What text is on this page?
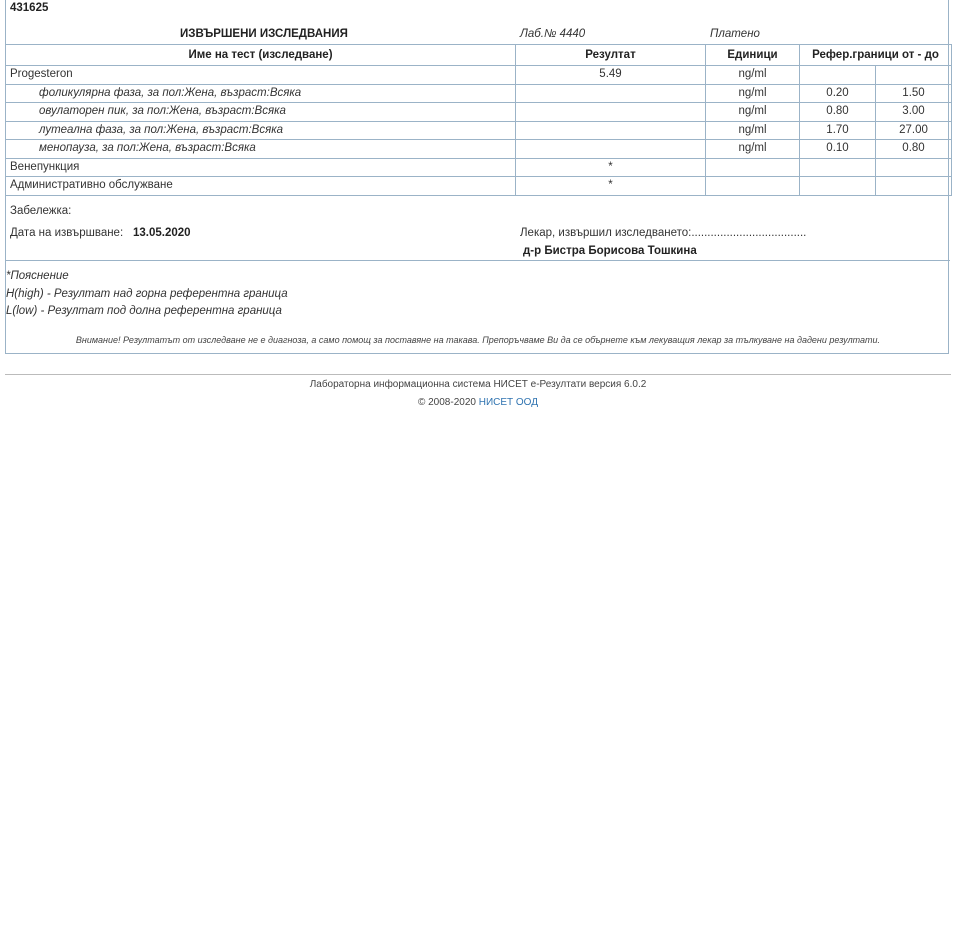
431625
ИЗВЪРШЕНИ ИЗСЛЕДВАНИЯ	Лаб.№ 4440	Платено
Име на тест (изследване)	Резултат	Единици	Рефер.граници от - до	
Progesteron	5.49	ng/ml		
фоликулярна фаза, за пол:Жена, възраст:Всяка		ng/ml	0.20	1.50
овулаторен пик, за пол:Жена, възраст:Всяка		ng/ml	0.80	3.00
лутеална фаза, за пол:Жена, възраст:Всяка		ng/ml	1.70	27.00
менопауза, за пол:Жена, възраст:Всяка		ng/ml	0.10	0.80
Венепункция	*			
Административно обслужване	*			
Забележка:
Дата на извършване: 13.05.2020	Лекар, извършил изследването:....................................
д-р Бистра Борисова Тошкина
*Пояснение
H(high) - Резултат над горна референтна граница
L(low) - Резултат под долна референтна граница
Внимание! Резултатът от изследване не е диагноза, а само помощ за поставяне на такава. Препоръчваме Ви да се обърнете към лекуващия лекар за тълкуване на дадени резултати.
Лабораторна информационна система НИСЕТ е-Резултати версия 6.0.2
© 2008-2020 НИСЕТ ООД
